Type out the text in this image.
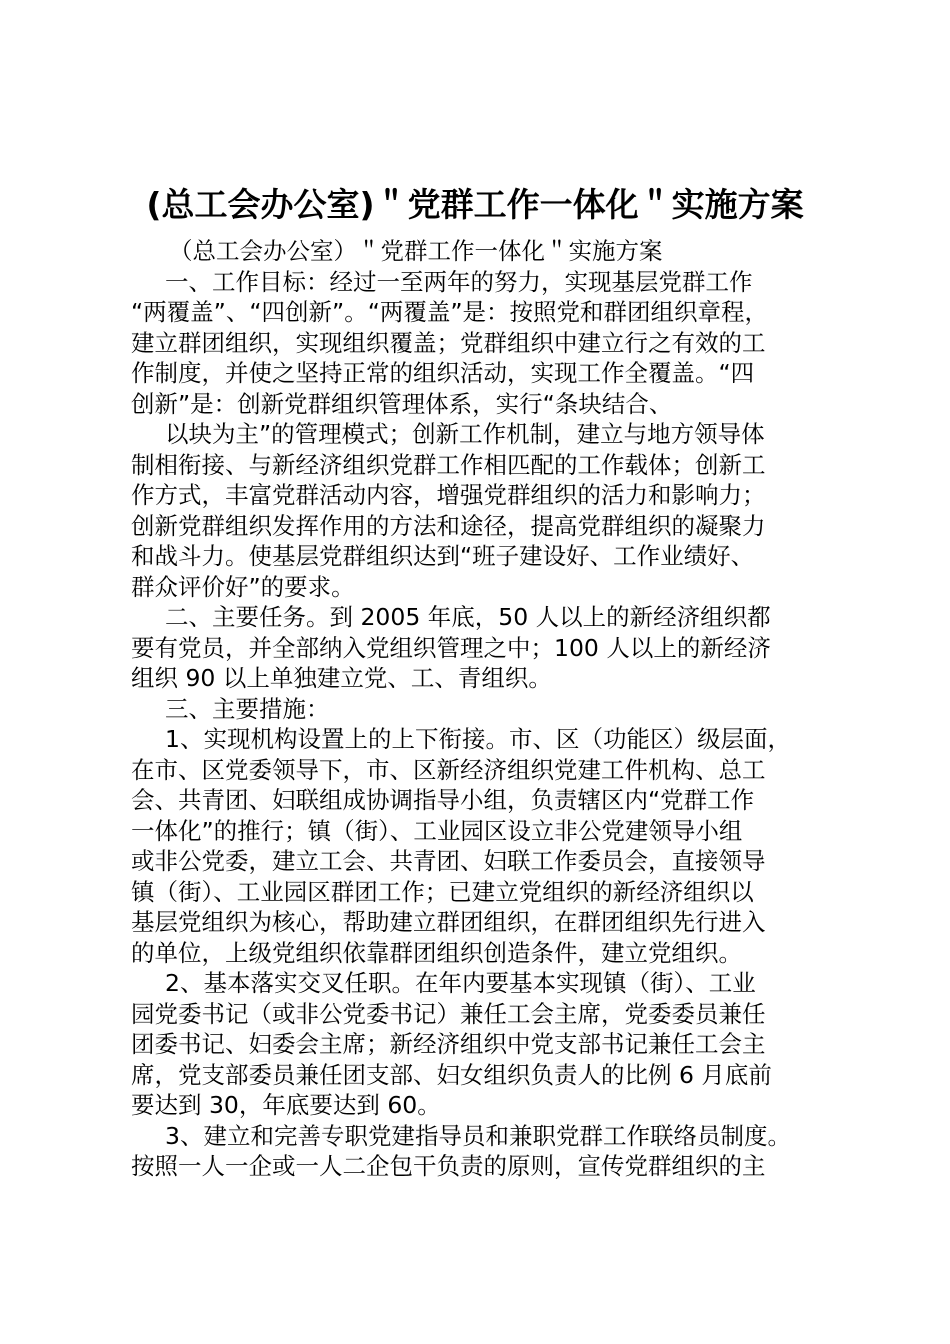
(总工会办公室)＂党群工作一体化＂实施方案
（总工会办公室）＂党群工作一体化＂实施方案
一、工作目标：经过一至两年的努力，实现基层党群工作
“两覆盖”、“四创新”。“两覆盖”是：按照党和群团组织章程，
建立群团组织，实现组织覆盖；党群组织中建立行之有效的工
作制度，并使之坚持正常的组织活动，实现工作全覆盖。“四
创新”是：创新党群组织管理体系，实行“条块结合、
以块为主”的管理模式；创新工作机制，建立与地方领导体
制相衔接、与新经济组织党群工作相匹配的工作载体；创新工
作方式，丰富党群活动内容，增强党群组织的活力和影响力；
创新党群组织发挥作用的方法和途径，提高党群组织的凝聚力
和战斗力。使基层党群组织达到“班子建设好、工作业绩好、
群众评价好”的要求。
二、主要任务。到 2005 年底，50 人以上的新经济组织都
要有党员，并全部纳入党组织管理之中；100 人以上的新经济
组织 90 以上单独建立党、工、青组织。
三、主要措施：
1、实现机构设置上的上下衔接。市、区（功能区）级层面，
在市、区党委领导下，市、区新经济组织党建工件机构、总工
会、共青团、妇联组成协调指导小组，负责辖区内“党群工作
一体化”的推行；镇（街）、工业园区设立非公党建领导小组
或非公党委，建立工会、共青团、妇联工作委员会，直接领导
镇（街）、工业园区群团工作；已建立党组织的新经济组织以
基层党组织为核心，帮助建立群团组织，在群团组织先行进入
的单位，上级党组织依靠群团组织创造条件，建立党组织。
2、基本落实交叉任职。在年内要基本实现镇（街）、工业
园党委书记（或非公党委书记）兼任工会主席，党委委员兼任
团委书记、妇委会主席；新经济组织中党支部书记兼任工会主
席，党支部委员兼任团支部、妇女组织负责人的比例 6 月底前
要达到 30，年底要达到 60。
3、建立和完善专职党建指导员和兼职党群工作联络员制度。
按照一人一企或一人二企包干负责的原则，宣传党群组织的主
